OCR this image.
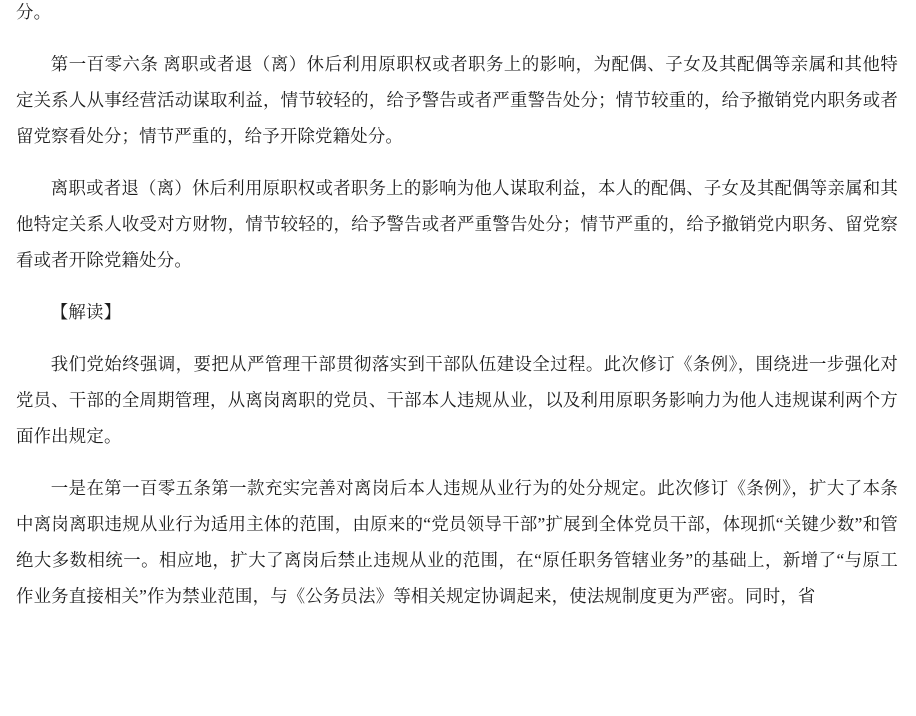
分。

第一百零六条 离职或者退（离）休后利用原职权或者职务上的影响，为配偶、子女及其配偶等亲属和其他特定关系人从事经营活动谋取利益，情节较轻的，给予警告或者严重警告处分；情节较重的，给予撤销党内职务或者留党察看处分；情节严重的，给予开除党籍处分。

离职或者退（离）休后利用原职权或者职务上的影响为他人谋取利益，本人的配偶、子女及其配偶等亲属和其他特定关系人收受对方财物，情节较轻的，给予警告或者严重警告处分；情节严重的，给予撤销党内职务、留党察看或者开除党籍处分。

【解读】

我们党始终强调，要把从严管理干部贯彻落实到干部队伍建设全过程。此次修订《条例》，围绕进一步强化对党员、干部的全周期管理，从离岗离职的党员、干部本人违规从业，以及利用原职务影响力为他人违规谋利两个方面作出规定。

一是在第一百零五条第一款充实完善对离岗后本人违规从业行为的处分规定。此次修订《条例》，扩大了本条中离岗离职违规从业行为适用主体的范围，由原来的“党员领导干部”扩展到全体党员干部，体现抓“关键少数”和管绝大多数相统一。相应地，扩大了离岗后禁止违规从业的范围，在“原任职务管辖业务”的基础上，新增了“与原工作业务直接相关”作为禁业范围，与《公务员法》等相关规定协调起来，使法规制度更为严密。同时，省
